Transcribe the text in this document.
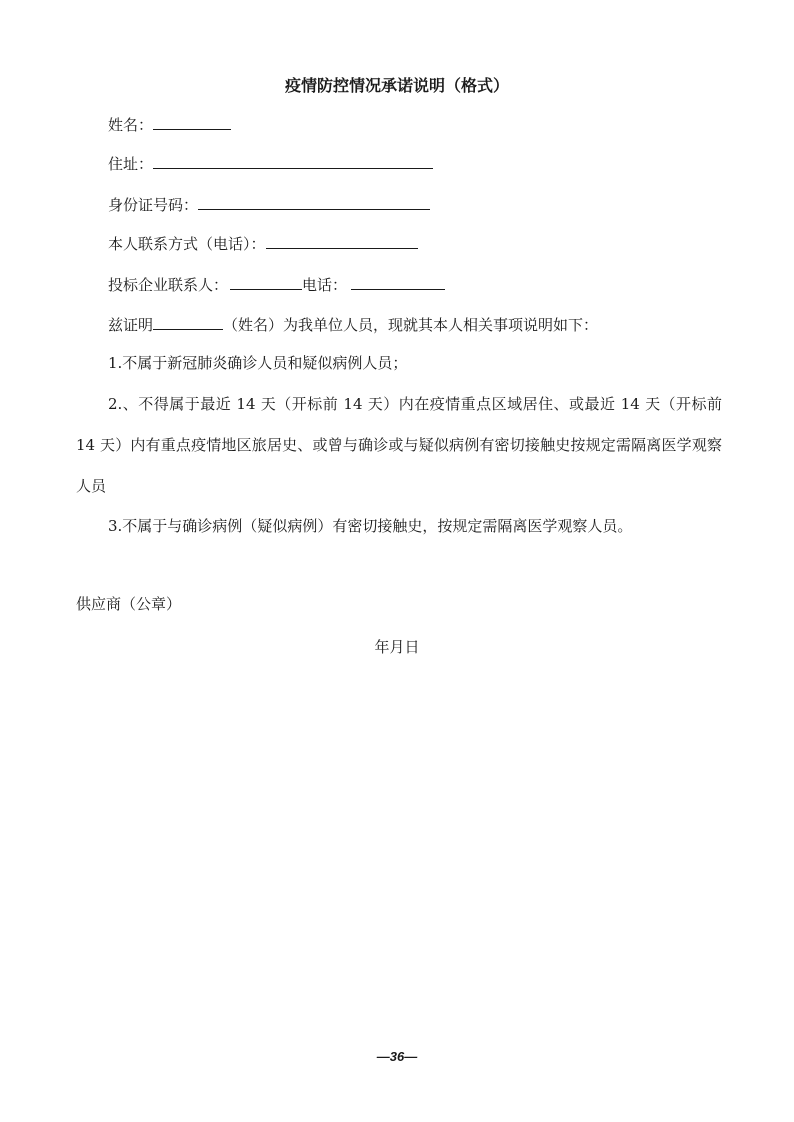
疫情防控情况承诺说明（格式）
姓名：
住址：
身份证号码：
本人联系方式（电话）：
投标企业联系人：	电话：
兹证明	（姓名）为我单位人员，现就其本人相关事项说明如下：
1.不属于新冠肺炎确诊人员和疑似病例人员；
2.、不得属于最近 14 天（开标前 14 天）内在疫情重点区域居住、或最近 14 天（开标前 14 天）内有重点疫情地区旅居史、或曾与确诊或与疑似病例有密切接触史按规定需隔离医学观察人员
3.不属于与确诊病例（疑似病例）有密切接触史，按规定需隔离医学观察人员。
供应商（公章）
年月日
—36—
